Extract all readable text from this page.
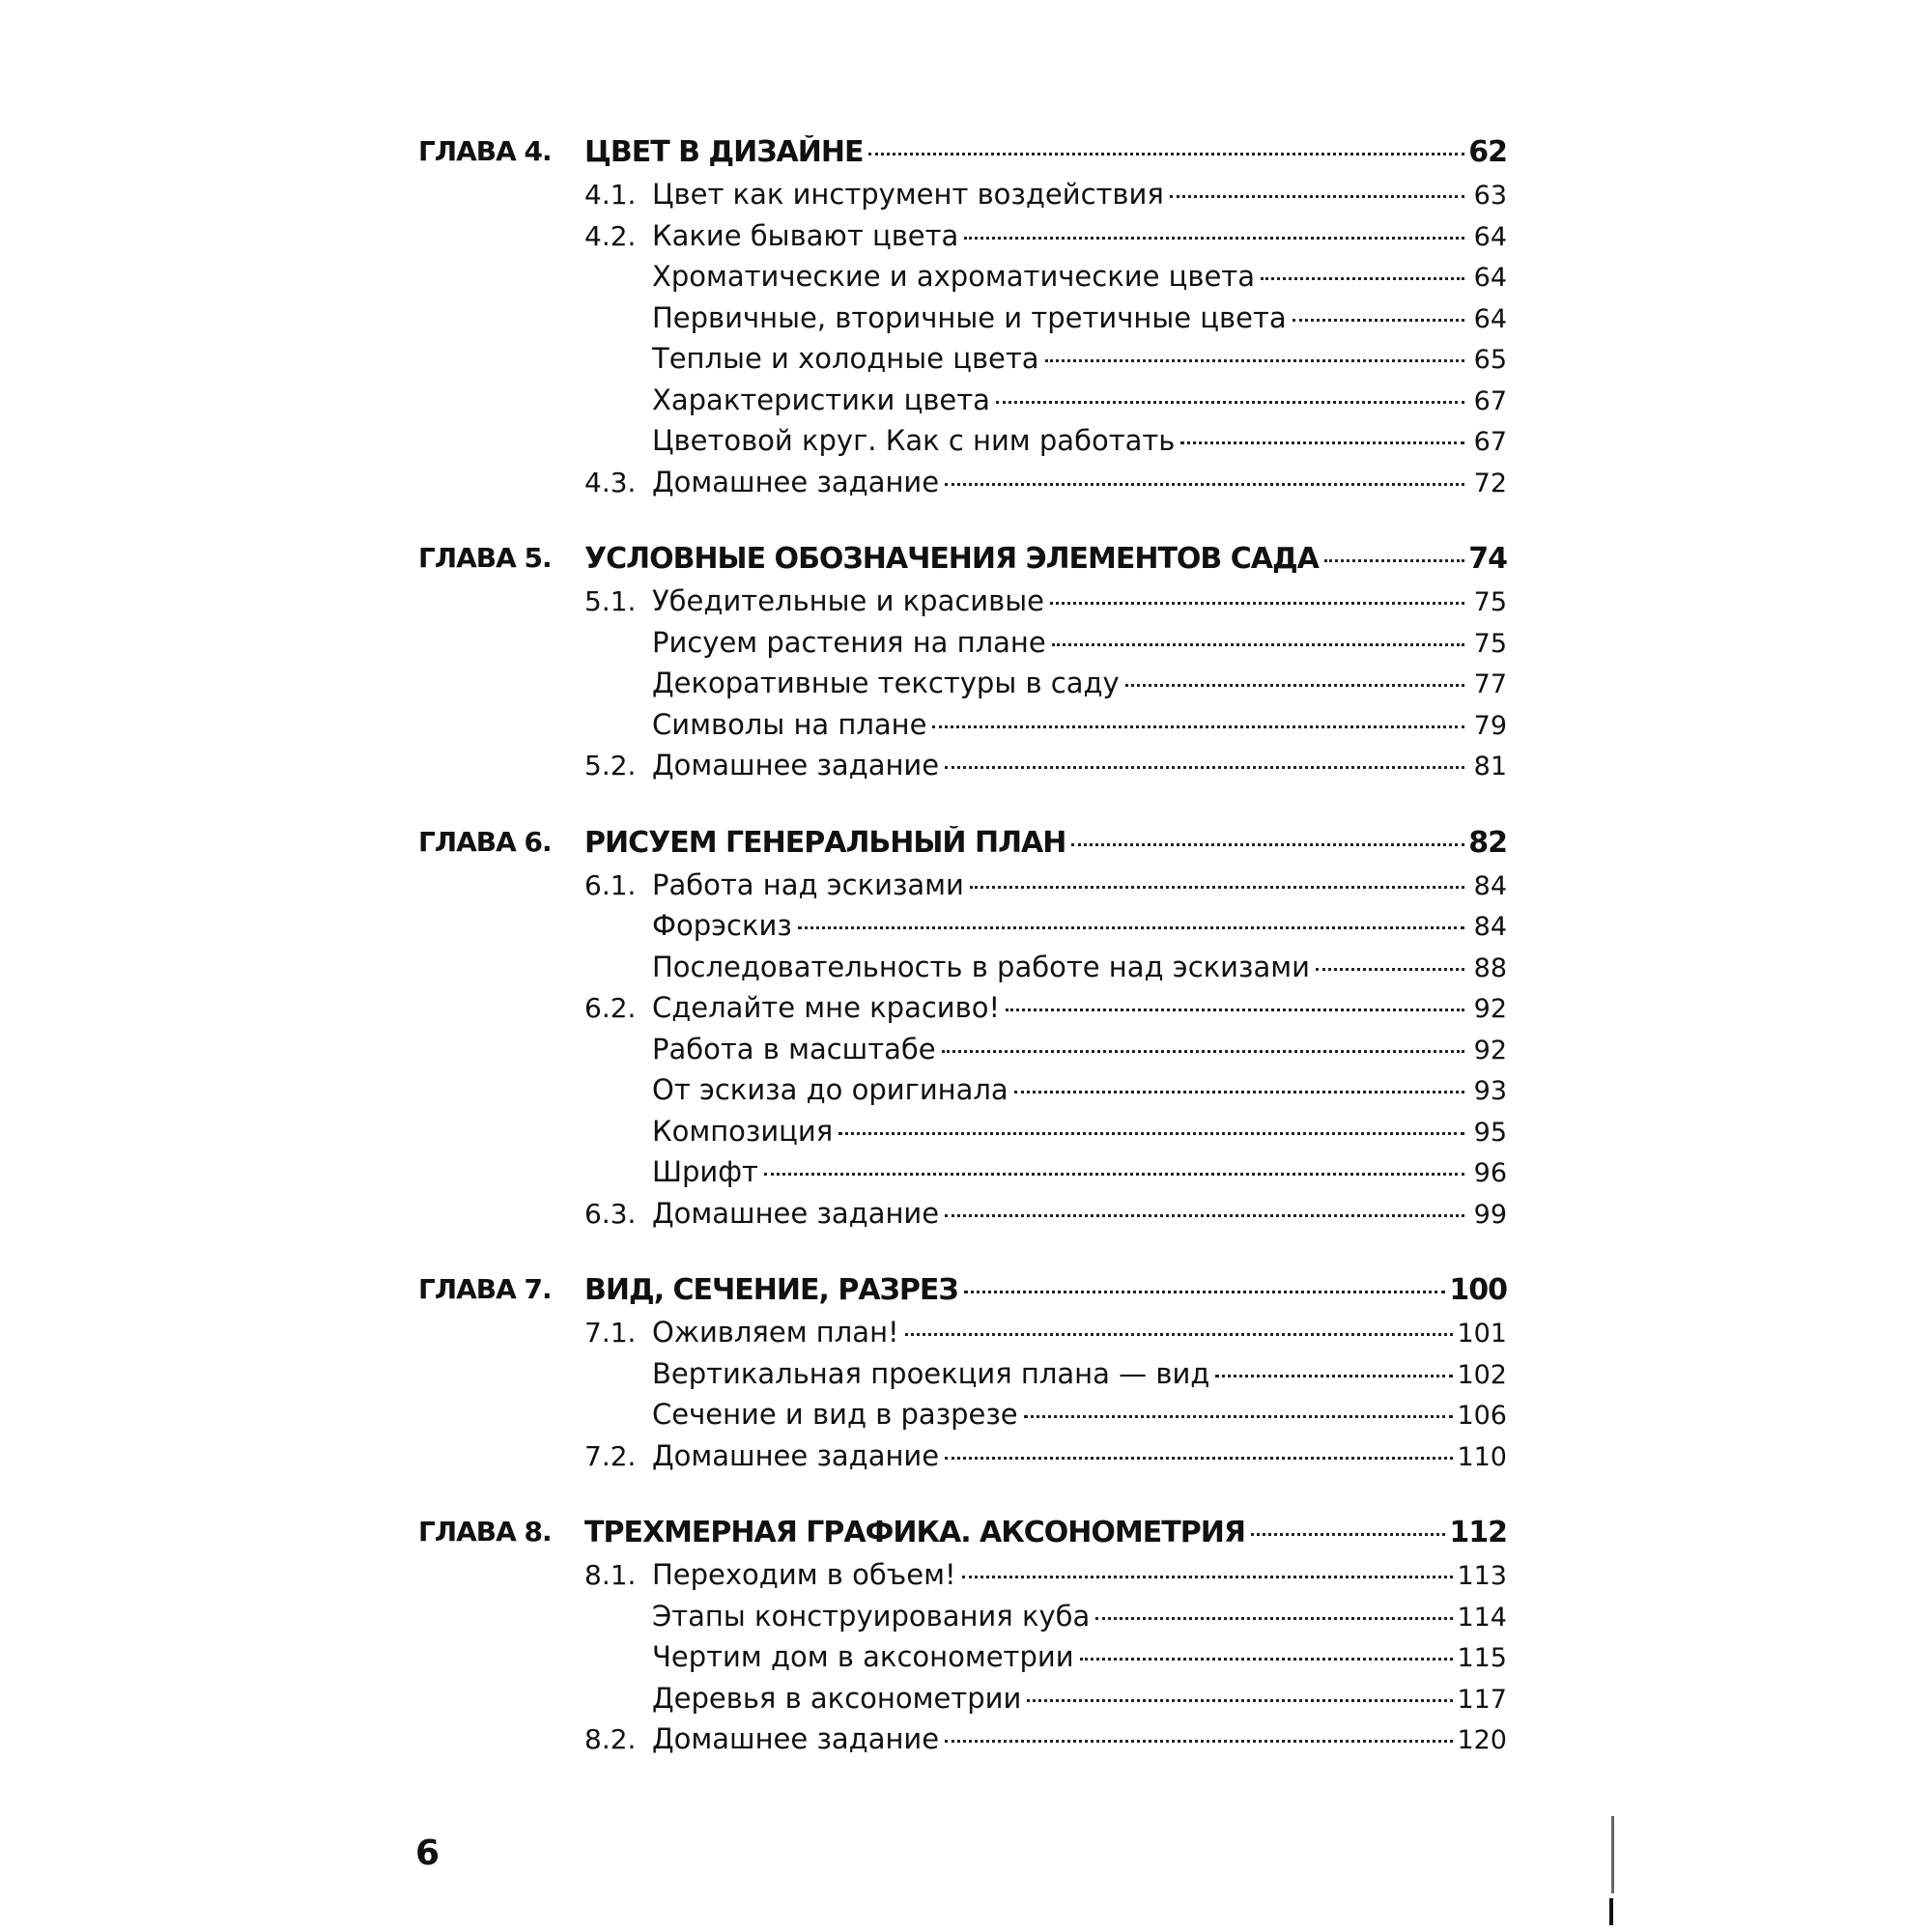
ГЛАВА 4.	ЦВЕТ В ДИЗАЙНЕ	62
4.1. Цвет как инструмент воздействия	63
4.2. Какие бывают цвета	64
Хроматические и ахроматические цвета	64
Первичные, вторичные и третичные цвета	64
Теплые и холодные цвета	65
Характеристики цвета	67
Цветовой круг. Как с ним работать	67
4.3. Домашнее задание	72
ГЛАВА 5.	УСЛОВНЫЕ ОБОЗНАЧЕНИЯ ЭЛЕМЕНТОВ САДА	74
5.1. Убедительные и красивые	75
Рисуем растения на плане	75
Декоративные текстуры в саду	77
Символы на плане	79
5.2. Домашнее задание	81
ГЛАВА 6.	РИСУЕМ ГЕНЕРАЛЬНЫЙ ПЛАН	82
6.1. Работа над эскизами	84
Форэскиз	84
Последовательность в работе над эскизами	88
6.2. Сделайте мне красиво!	92
Работа в масштабе	92
От эскиза до оригинала	93
Композиция	95
Шрифт	96
6.3. Домашнее задание	99
ГЛАВА 7.	ВИД, СЕЧЕНИЕ, РАЗРЕЗ	100
7.1. Оживляем план!	101
Вертикальная проекция плана — вид	102
Сечение и вид в разрезе	106
7.2. Домашнее задание	110
ГЛАВА 8.	ТРЕХМЕРНАЯ ГРАФИКА. АКСОНОМЕТРИЯ	112
8.1. Переходим в объем!	113
Этапы конструирования куба	114
Чертим дом в аксонометрии	115
Деревья в аксонометрии	117
8.2. Домашнее задание	120
6
